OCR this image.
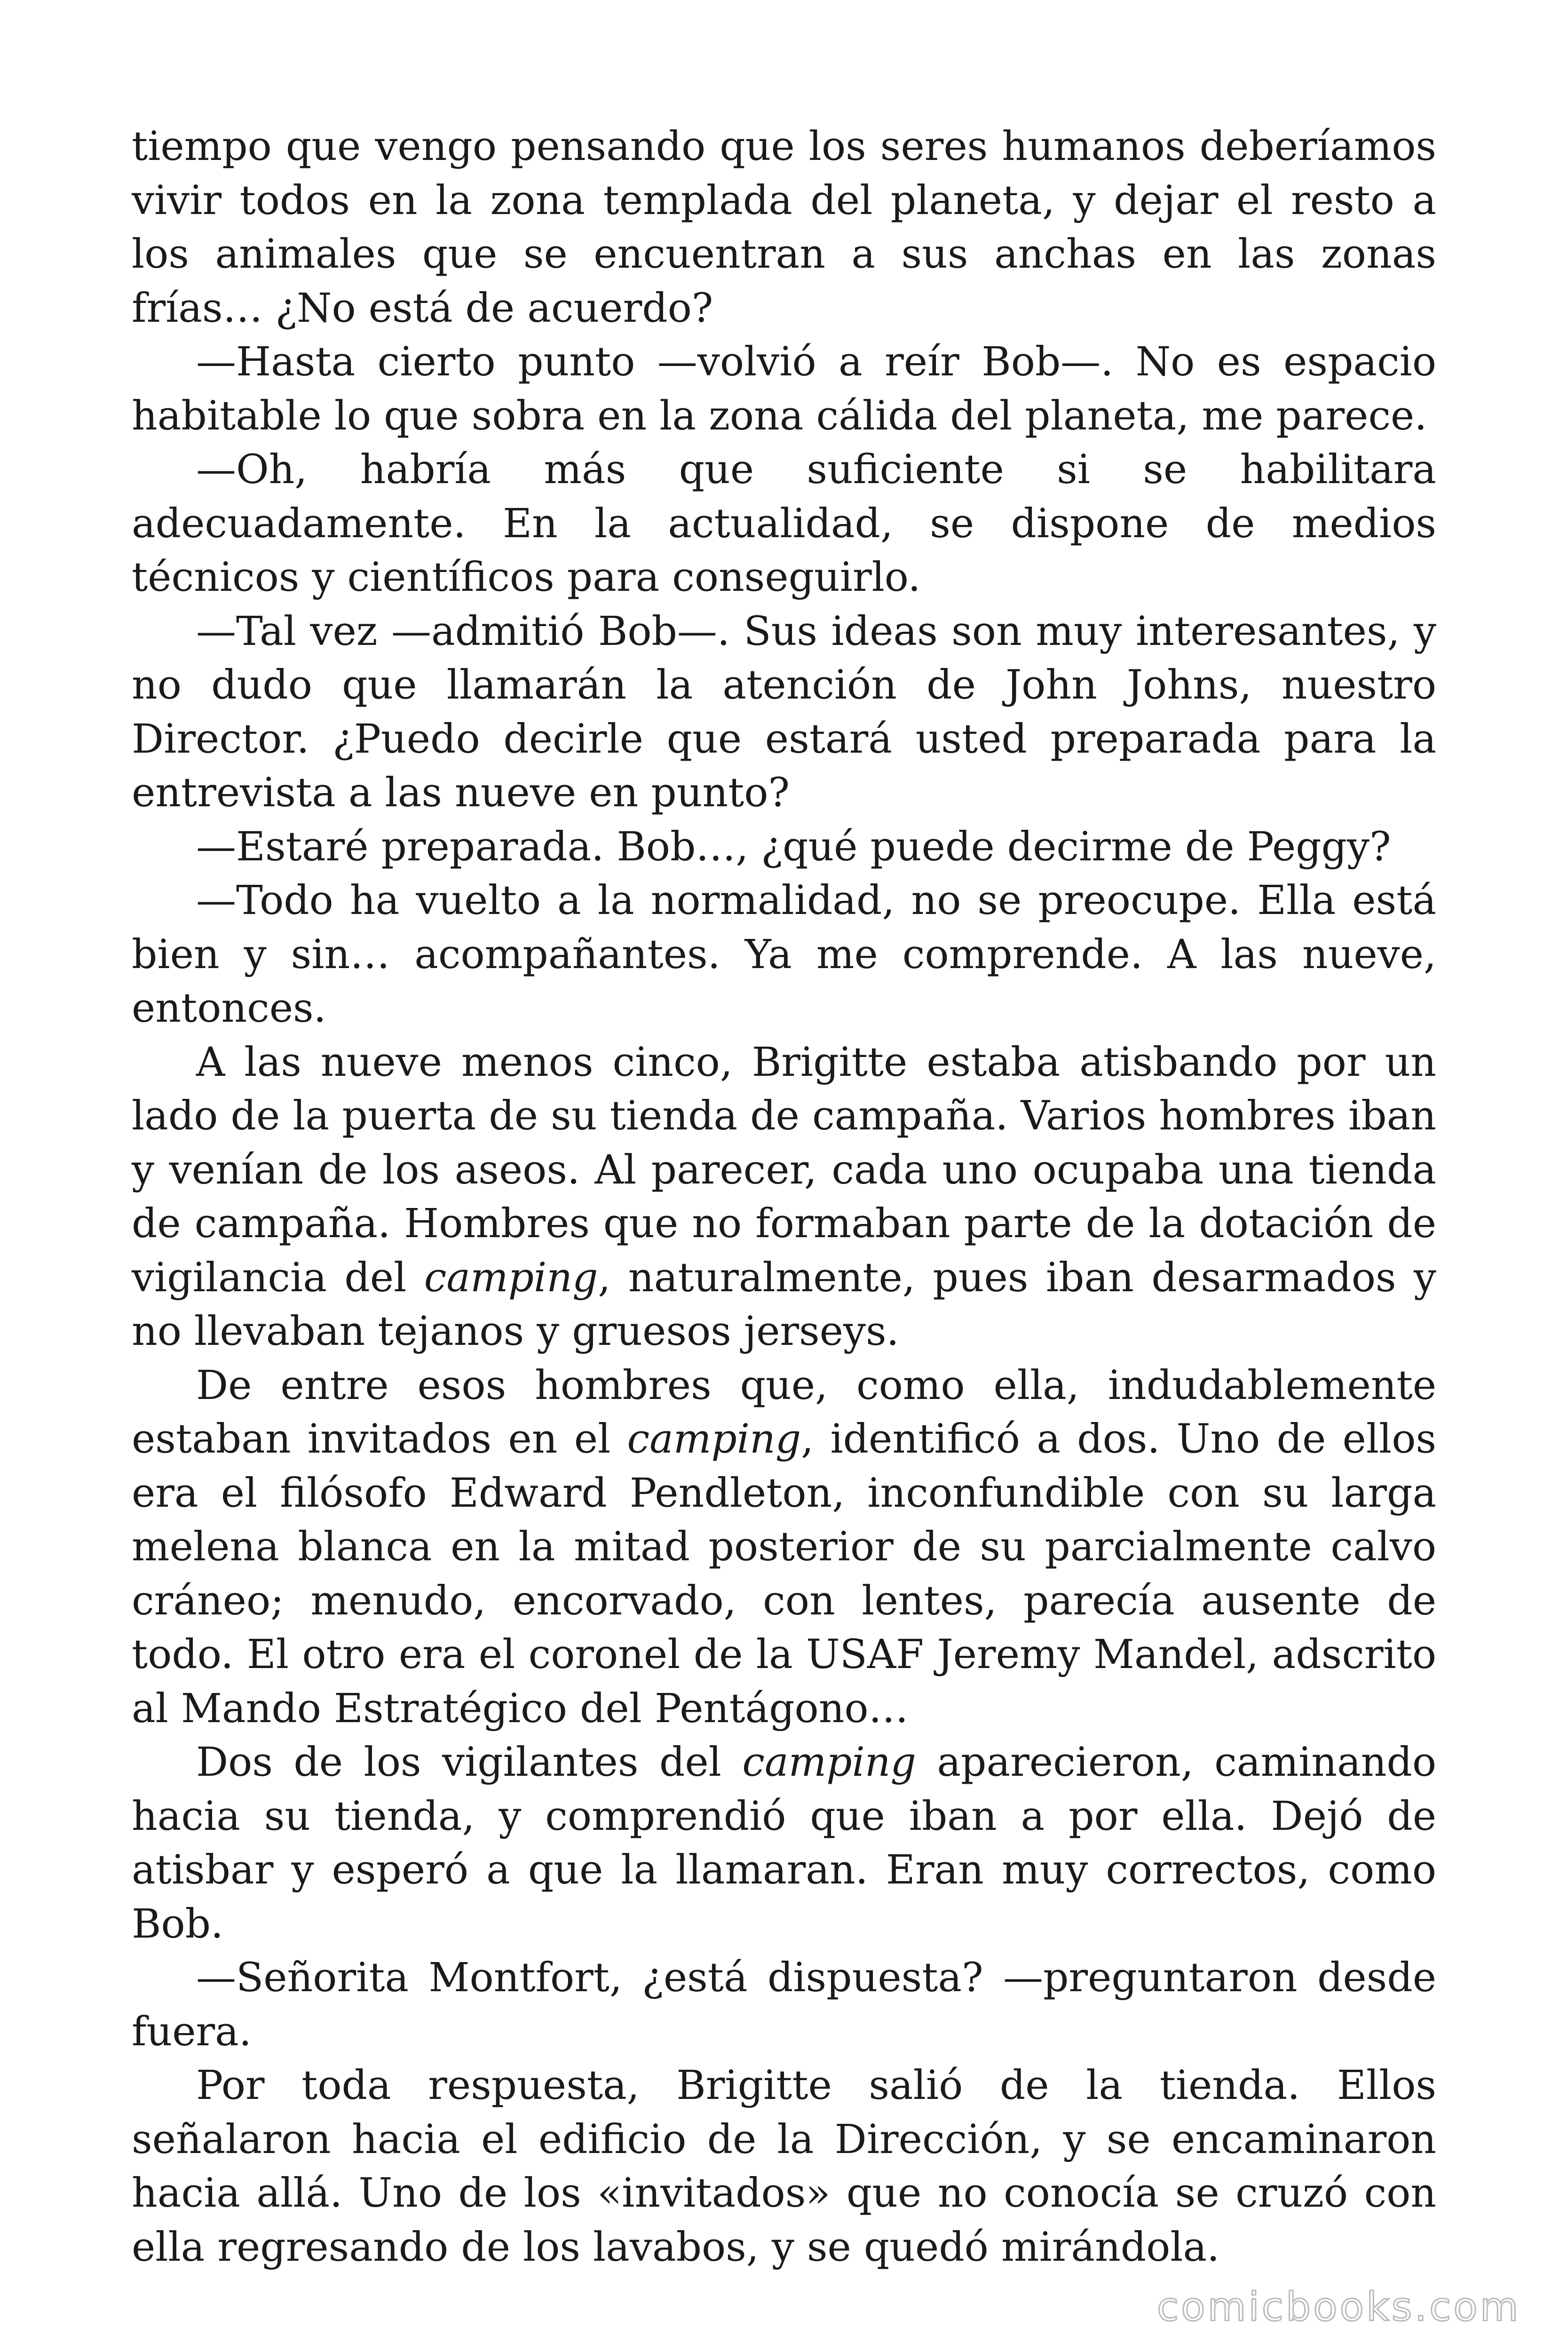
tiempo que vengo pensando que los seres humanos deberíamos vivir todos en la zona templada del planeta, y dejar el resto a los animales que se encuentran a sus anchas en las zonas frías… ¿No está de acuerdo?

—Hasta cierto punto —volvió a reír Bob—. No es espacio habitable lo que sobra en la zona cálida del planeta, me parece.

—Oh, habría más que suficiente si se habilitara adecuadamente. En la actualidad, se dispone de medios técnicos y científicos para conseguirlo.

—Tal vez —admitió Bob—. Sus ideas son muy interesantes, y no dudo que llamarán la atención de John Johns, nuestro Director. ¿Puedo decirle que estará usted preparada para la entrevista a las nueve en punto?

—Estaré preparada. Bob…, ¿qué puede decirme de Peggy?

—Todo ha vuelto a la normalidad, no se preocupe. Ella está bien y sin… acompañantes. Ya me comprende. A las nueve, entonces.

A las nueve menos cinco, Brigitte estaba atisbando por un lado de la puerta de su tienda de campaña. Varios hombres iban y venían de los aseos. Al parecer, cada uno ocupaba una tienda de campaña. Hombres que no formaban parte de la dotación de vigilancia del camping, naturalmente, pues iban desarmados y no llevaban tejanos y gruesos jerseys.

De entre esos hombres que, como ella, indudablemente estaban invitados en el camping, identificó a dos. Uno de ellos era el filósofo Edward Pendleton, inconfundible con su larga melena blanca en la mitad posterior de su parcialmente calvo cráneo; menudo, encorvado, con lentes, parecía ausente de todo. El otro era el coronel de la USAF Jeremy Mandel, adscrito al Mando Estratégico del Pentágono…

Dos de los vigilantes del camping aparecieron, caminando hacia su tienda, y comprendió que iban a por ella. Dejó de atisbar y esperó a que la llamaran. Eran muy correctos, como Bob.

—Señorita Montfort, ¿está dispuesta? —preguntaron desde fuera.

Por toda respuesta, Brigitte salió de la tienda. Ellos señalaron hacia el edificio de la Dirección, y se encaminaron hacia allá. Uno de los «invitados» que no conocía se cruzó con ella regresando de los lavabos, y se quedó mirándola.

comicbooks.com
